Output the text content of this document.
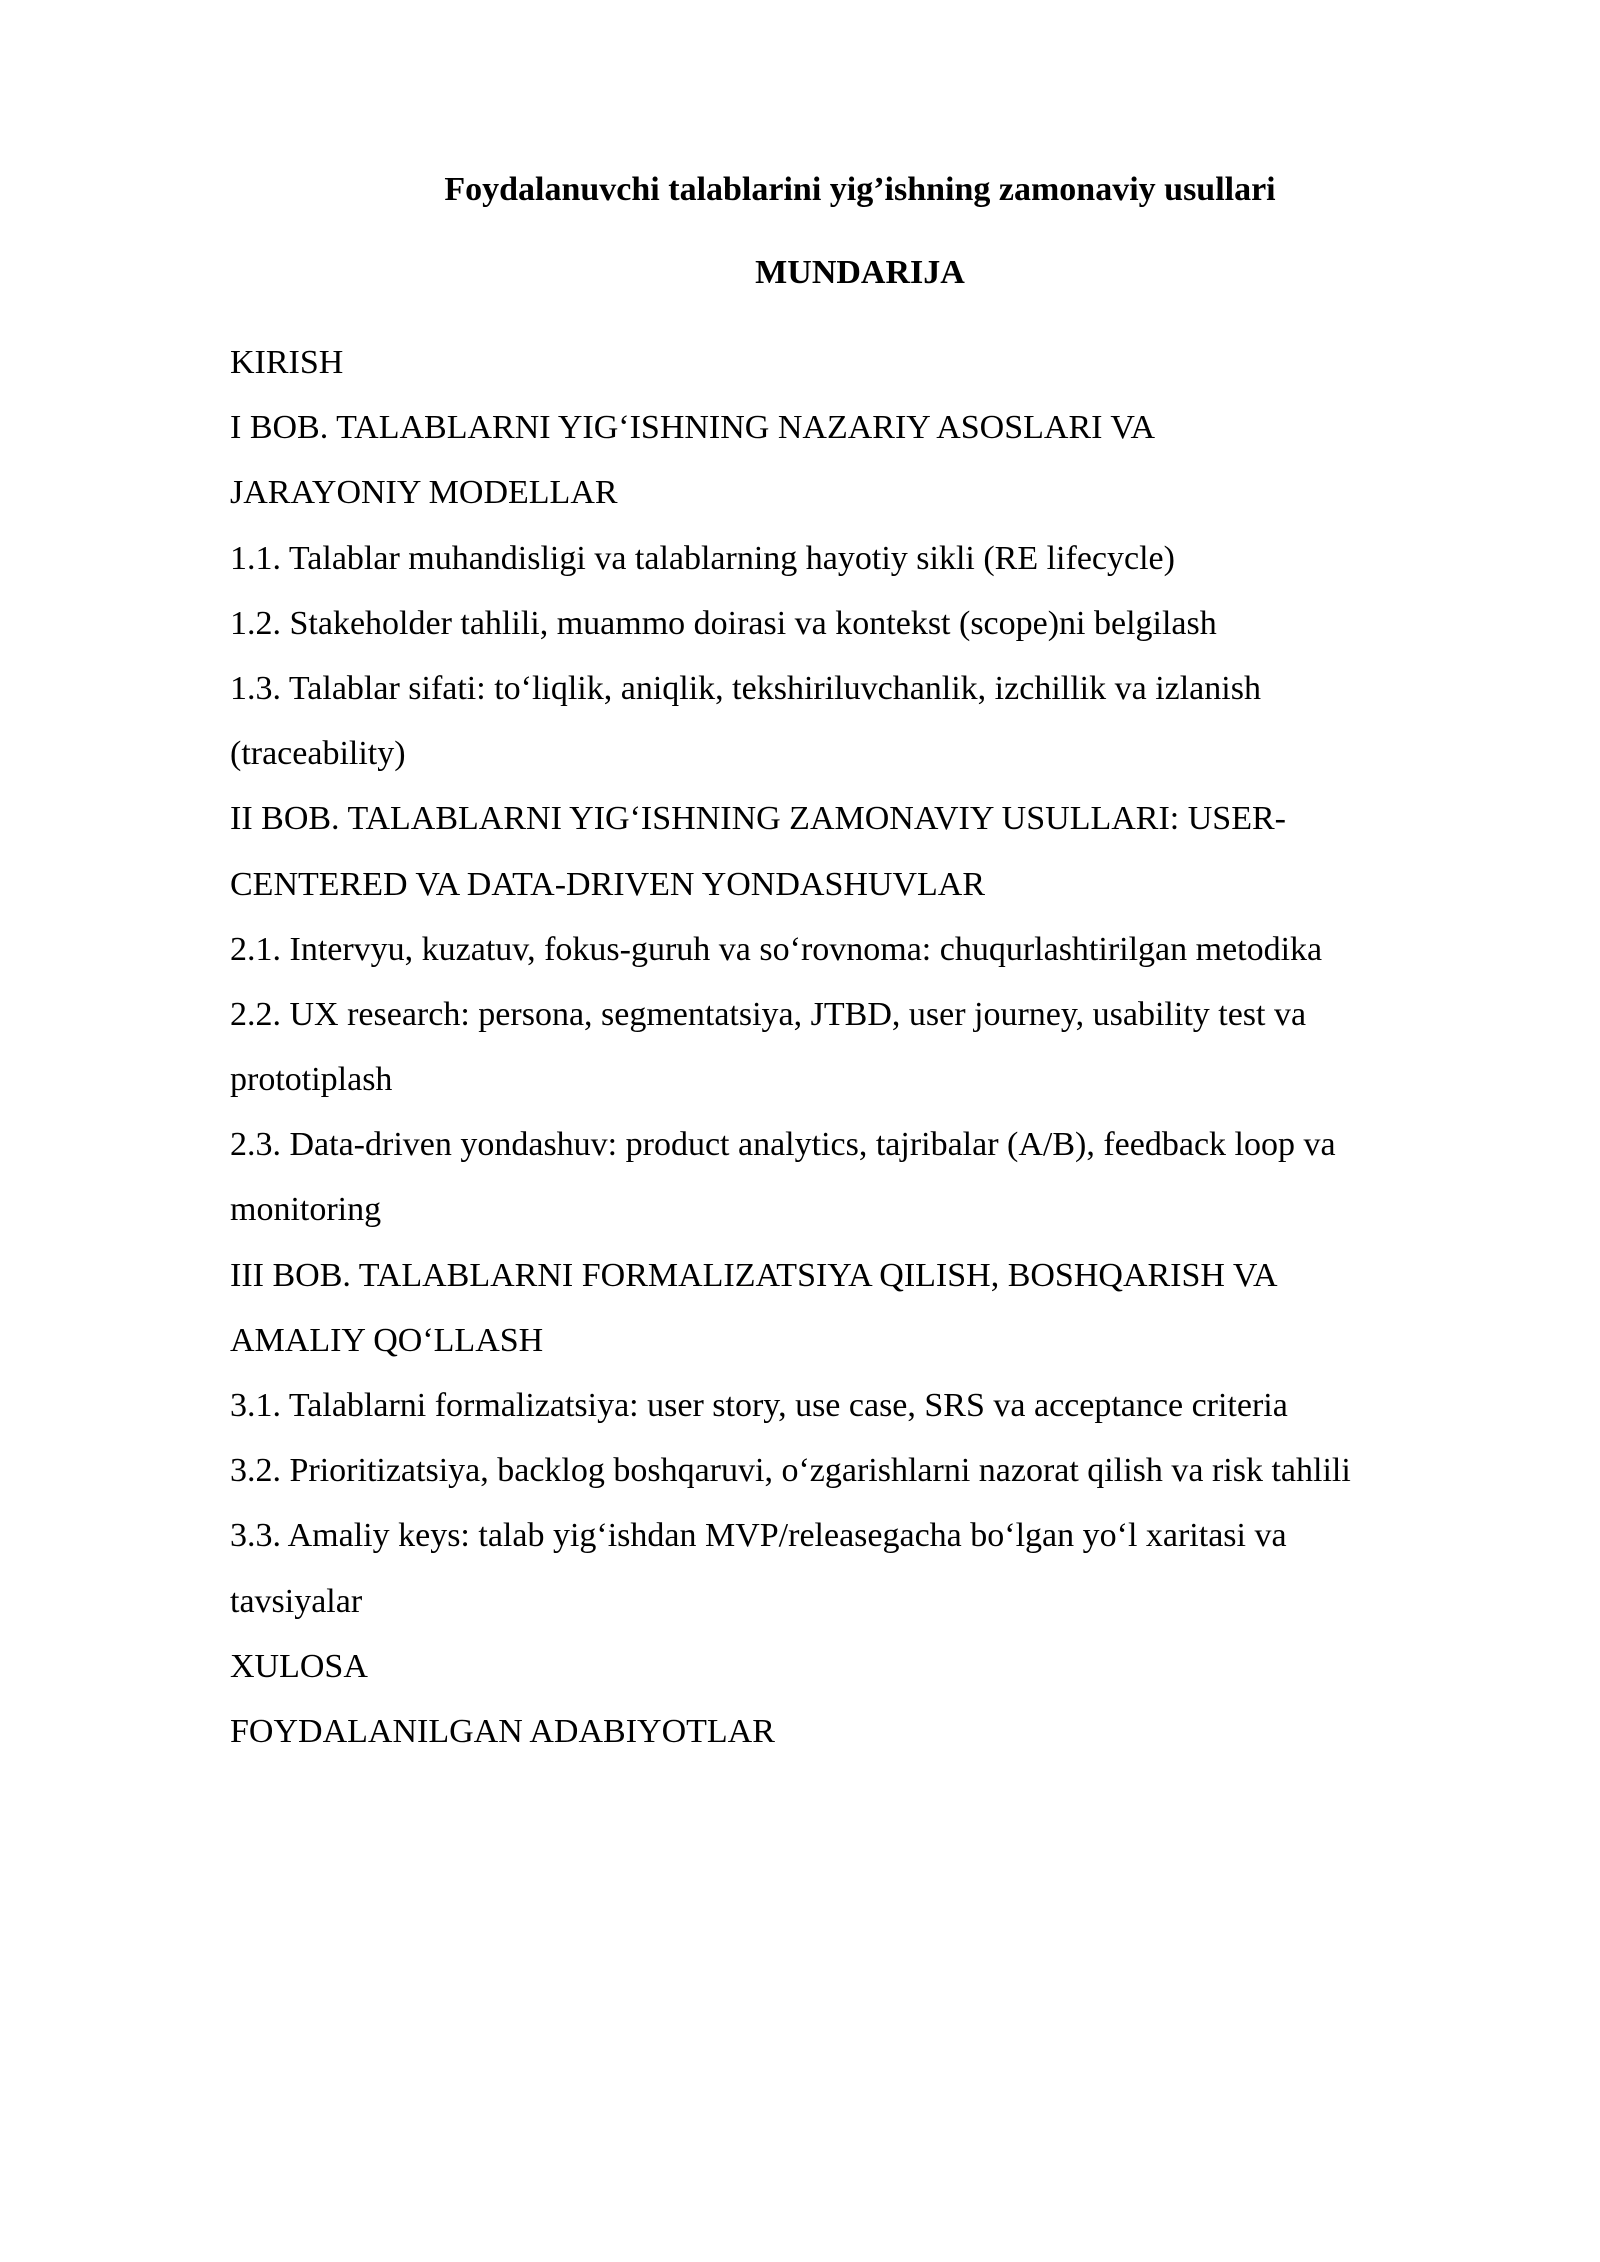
Foydalanuvchi talablarini yig’ishning zamonaviy usullari
MUNDARIJA
KIRISH
I BOB. TALABLARNI YIGʻISHNING NAZARIY ASOSLARI VA
JARAYONIY MODELLAR
1.1. Talablar muhandisligi va talablarning hayotiy sikli (RE lifecycle)
1.2. Stakeholder tahlili, muammo doirasi va kontekst (scope)ni belgilash
1.3. Talablar sifati: toʻliqlik, aniqlik, tekshiriluvchanlik, izchillik va izlanish
(traceability)
II BOB. TALABLARNI YIGʻISHNING ZAMONAVIY USULLARI: USER-
CENTERED VA DATA-DRIVEN YONDASHUVLAR
2.1. Intervyu, kuzatuv, fokus-guruh va soʻrovnoma: chuqurlashtirilgan metodika
2.2. UX research: persona, segmentatsiya, JTBD, user journey, usability test va
prototiplash
2.3. Data-driven yondashuv: product analytics, tajribalar (A/B), feedback loop va
monitoring
III BOB. TALABLARNI FORMALIZATSIYA QILISH, BOSHQARISH VA
AMALIY QOʻLLASH
3.1. Talablarni formalizatsiya: user story, use case, SRS va acceptance criteria
3.2. Prioritizatsiya, backlog boshqaruvi, oʻzgarishlarni nazorat qilish va risk tahlili
3.3. Amaliy keys: talab yigʻishdan MVP/releasegacha boʻlgan yoʻl xaritasi va
tavsiyalar
XULOSA
FOYDALANILGAN ADABIYOTLAR
